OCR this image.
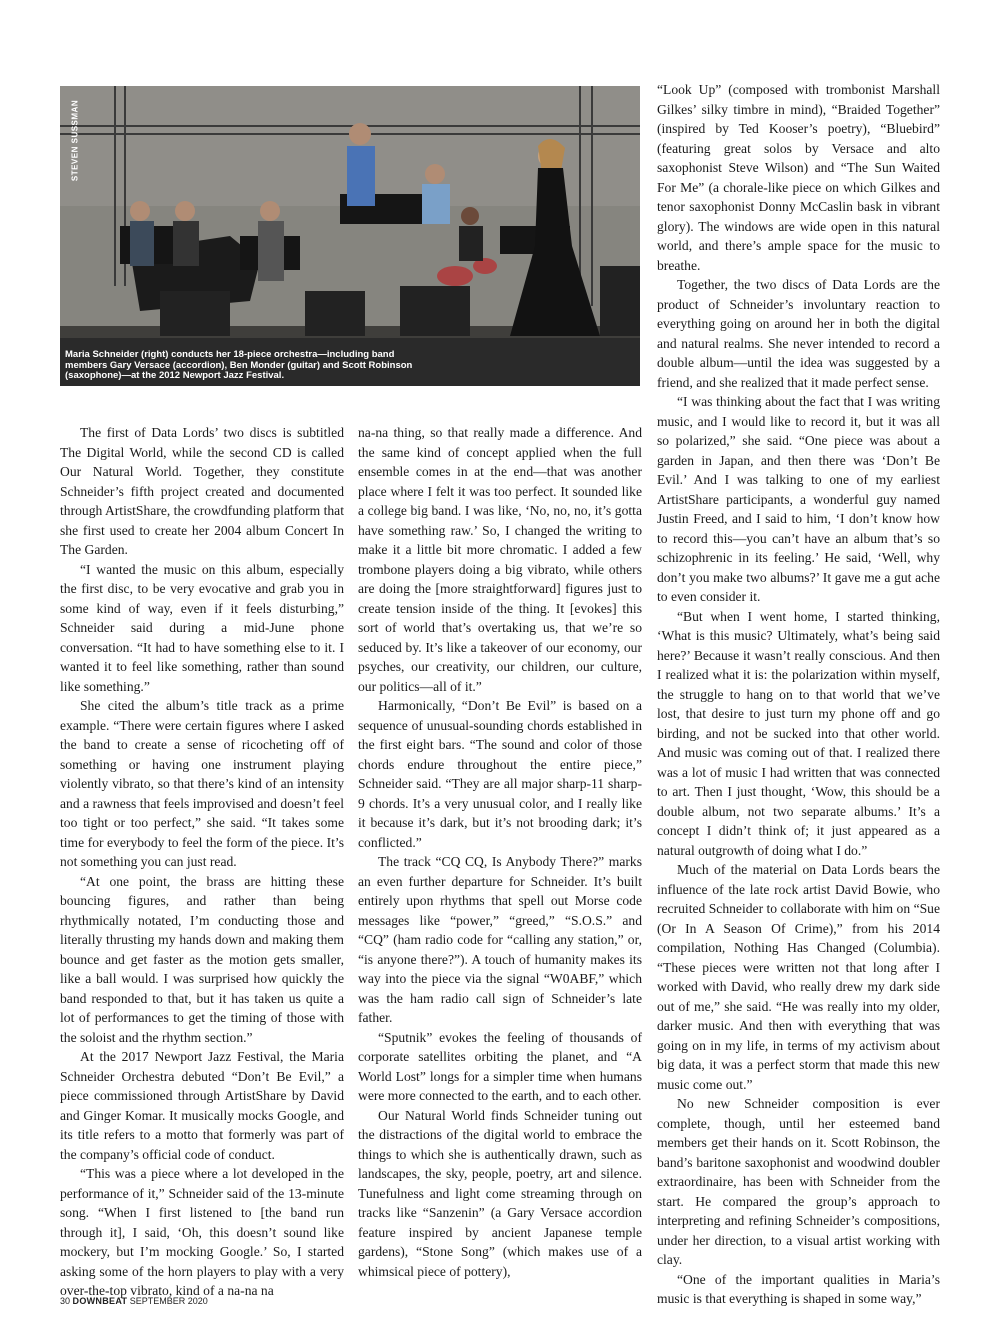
STEVEN SUSSMAN
Maria Schneider (right) conducts her 18-piece orchestra—including band members Gary Versace (accordion), Ben Monder (guitar) and Scott Robinson (saxophone)—at the 2012 Newport Jazz Festival.

The first of Data Lords’ two discs is subtitled The Digital World, while the second CD is called Our Natural World. Together, they constitute Schneider’s fifth project created and documented through ArtistShare, the crowdfunding platform that she first used to create her 2004 album Concert In The Garden.

“I wanted the music on this album, especially the first disc, to be very evocative and grab you in some kind of way, even if it feels disturbing,” Schneider said during a mid-June phone conversation. “It had to have something else to it. I wanted it to feel like something, rather than sound like something.”

She cited the album’s title track as a prime example. “There were certain figures where I asked the band to create a sense of ricocheting off of something or having one instrument playing violently vibrato, so that there’s kind of an intensity and a rawness that feels improvised and doesn’t feel too tight or too perfect,” she said. “It takes some time for everybody to feel the form of the piece. It’s not something you can just read.

“At one point, the brass are hitting these bouncing figures, and rather than being rhythmically notated, I’m conducting those and literally thrusting my hands down and making them bounce and get faster as the motion gets smaller, like a ball would. I was surprised how quickly the band responded to that, but it has taken us quite a lot of performances to get the timing of those with the soloist and the rhythm section.”

At the 2017 Newport Jazz Festival, the Maria Schneider Orchestra debuted “Don’t Be Evil,” a piece commissioned through ArtistShare by David and Ginger Komar. It musically mocks Google, and its title refers to a motto that formerly was part of the company’s official code of conduct.

“This was a piece where a lot developed in the performance of it,” Schneider said of the 13-minute song. “When I first listened to [the band run through it], I said, ‘Oh, this doesn’t sound like mockery, but I’m mocking Google.’ So, I started asking some of the horn players to play with a very over-the-top vibrato, kind of a na-na na

na-na thing, so that really made a difference. And the same kind of concept applied when the full ensemble comes in at the end—that was another place where I felt it was too perfect. It sounded like a college big band. I was like, ‘No, no, no, it’s gotta have something raw.’ So, I changed the writing to make it a little bit more chromatic. I added a few trombone players doing a big vibrato, while others are doing the [more straightforward] figures just to create tension inside of the thing. It [evokes] this sort of world that’s overtaking us, that we’re so seduced by. It’s like a takeover of our economy, our psyches, our creativity, our children, our culture, our politics—all of it.”

Harmonically, “Don’t Be Evil” is based on a sequence of unusual-sounding chords established in the first eight bars. “The sound and color of those chords endure throughout the entire piece,” Schneider said. “They are all major sharp-11 sharp-9 chords. It’s a very unusual color, and I really like it because it’s dark, but it’s not brooding dark; it’s conflicted.”

The track “CQ CQ, Is Anybody There?” marks an even further departure for Schneider. It’s built entirely upon rhythms that spell out Morse code messages like “power,” “greed,” “S.O.S.” and “CQ” (ham radio code for “calling any station,” or, “is anyone there?”). A touch of humanity makes its way into the piece via the signal “W0ABF,” which was the ham radio call sign of Schneider’s late father.

“Sputnik” evokes the feeling of thousands of corporate satellites orbiting the planet, and “A World Lost” longs for a simpler time when humans were more connected to the earth, and to each other.

Our Natural World finds Schneider tuning out the distractions of the digital world to embrace the things to which she is authentically drawn, such as landscapes, the sky, people, poetry, art and silence. Tunefulness and light come streaming through on tracks like “Sanzenin” (a Gary Versace accordion feature inspired by ancient Japanese temple gardens), “Stone Song” (which makes use of a whimsical piece of pottery),

“Look Up” (composed with trombonist Marshall Gilkes’ silky timbre in mind), “Braided Together” (inspired by Ted Kooser’s poetry), “Bluebird” (featuring great solos by Versace and alto saxophonist Steve Wilson) and “The Sun Waited For Me” (a chorale-like piece on which Gilkes and tenor saxophonist Donny McCaslin bask in vibrant glory). The windows are wide open in this natural world, and there’s ample space for the music to breathe.

Together, the two discs of Data Lords are the product of Schneider’s involuntary reaction to everything going on around her in both the digital and natural realms. She never intended to record a double album—until the idea was suggested by a friend, and she realized that it made perfect sense.

“I was thinking about the fact that I was writing music, and I would like to record it, but it was all so polarized,” she said. “One piece was about a garden in Japan, and then there was ‘Don’t Be Evil.’ And I was talking to one of my earliest ArtistShare participants, a wonderful guy named Justin Freed, and I said to him, ‘I don’t know how to record this—you can’t have an album that’s so schizophrenic in its feeling.’ He said, ‘Well, why don’t you make two albums?’ It gave me a gut ache to even consider it.

“But when I went home, I started thinking, ‘What is this music? Ultimately, what’s being said here?’ Because it wasn’t really conscious. And then I realized what it is: the polarization within myself, the struggle to hang on to that world that we’ve lost, that desire to just turn my phone off and go birding, and not be sucked into that other world. And music was coming out of that. I realized there was a lot of music I had written that was connected to art. Then I just thought, ‘Wow, this should be a double album, not two separate albums.’ It’s a concept I didn’t think of; it just appeared as a natural outgrowth of doing what I do.”

Much of the material on Data Lords bears the influence of the late rock artist David Bowie, who recruited Schneider to collaborate with him on “Sue (Or In A Season Of Crime),” from his 2014 compilation, Nothing Has Changed (Columbia). “These pieces were written not that long after I worked with David, who really drew my dark side out of me,” she said. “He was really into my older, darker music. And then with everything that was going on in my life, in terms of my activism about big data, it was a perfect storm that made this new music come out.”

No new Schneider composition is ever complete, though, until her esteemed band members get their hands on it. Scott Robinson, the band’s baritone saxophonist and woodwind doubler extraordinaire, has been with Schneider from the start. He compared the group’s approach to interpreting and refining Schneider’s compositions, under her direction, to a visual artist working with clay.

“One of the important qualities in Maria’s music is that everything is shaped in some way,”

30 DOWNBEAT SEPTEMBER 2020
